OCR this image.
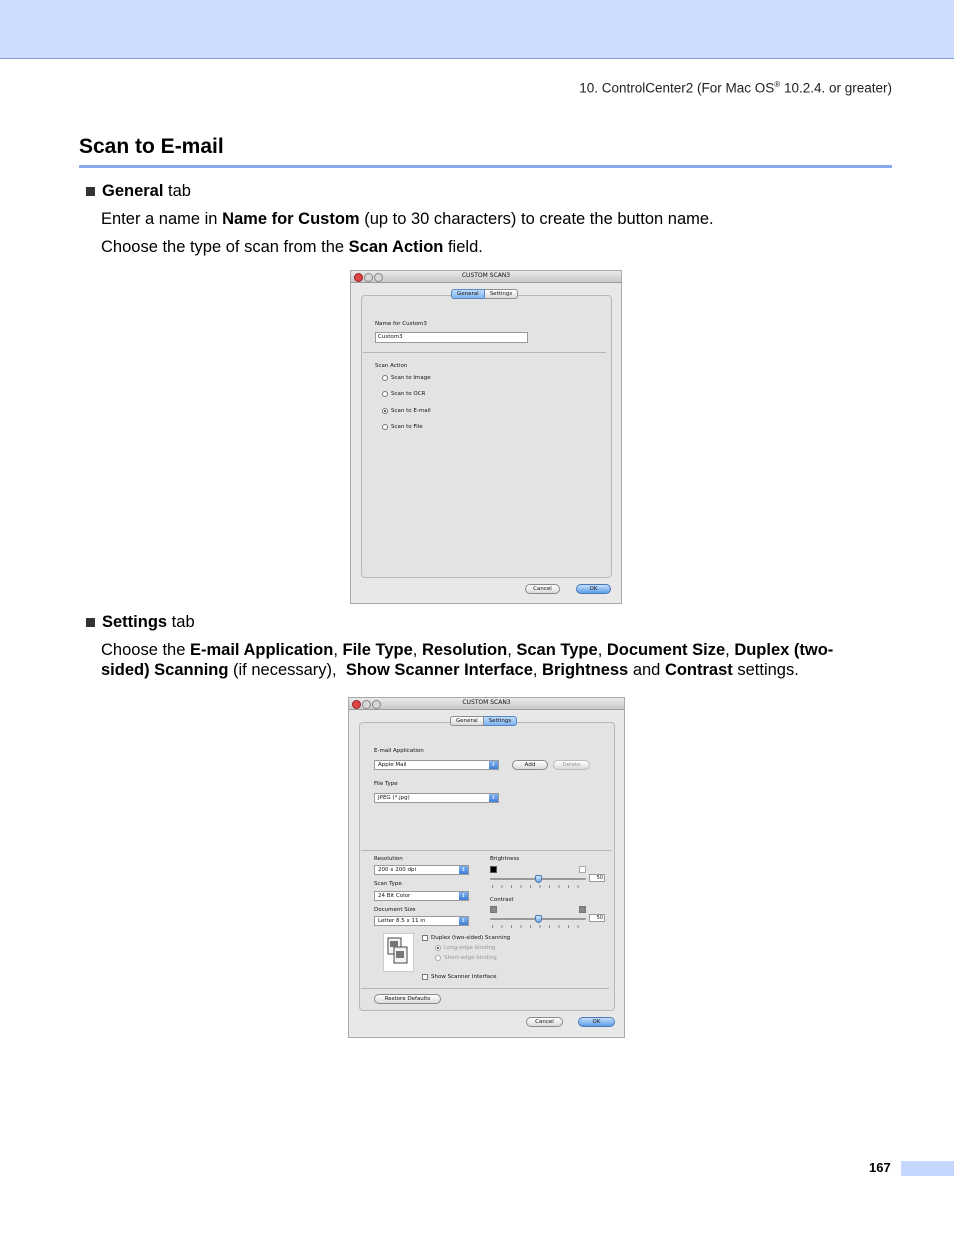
10. ControlCenter2 (For Mac OS® 10.2.4. or greater)
Scan to E-mail
General tab
Enter a name in Name for Custom (up to 30 characters) to create the button name.
Choose the type of scan from the Scan Action field.
CUSTOM SCAN3
General	Settings
Name for Custom3
Custom3
Scan Action
Scan to Image
Scan to OCR
Scan to E-mail
Scan to File
Cancel	OK
Settings tab
Choose the E-mail Application, File Type, Resolution, Scan Type, Document Size, Duplex (two-
sided) Scanning (if necessary),  Show Scanner Interface, Brightness and Contrast settings.
CUSTOM SCAN3
General	Settings
E-mail Application
Apple Mail	⇕	Add	Delete
File Type
JPEG (*.jpg)	⇕
Resolution
200 x 200 dpi	⇕
Scan Type
24 Bit Color	⇕
Document Size
Letter 8.5 x 11 in	⇕
Brightness
50
Contrast
50
Duplex (two-sided) Scanning
Long-edge binding
Short-edge binding
Show Scanner Interface
Restore Defaults
Cancel	OK
167
